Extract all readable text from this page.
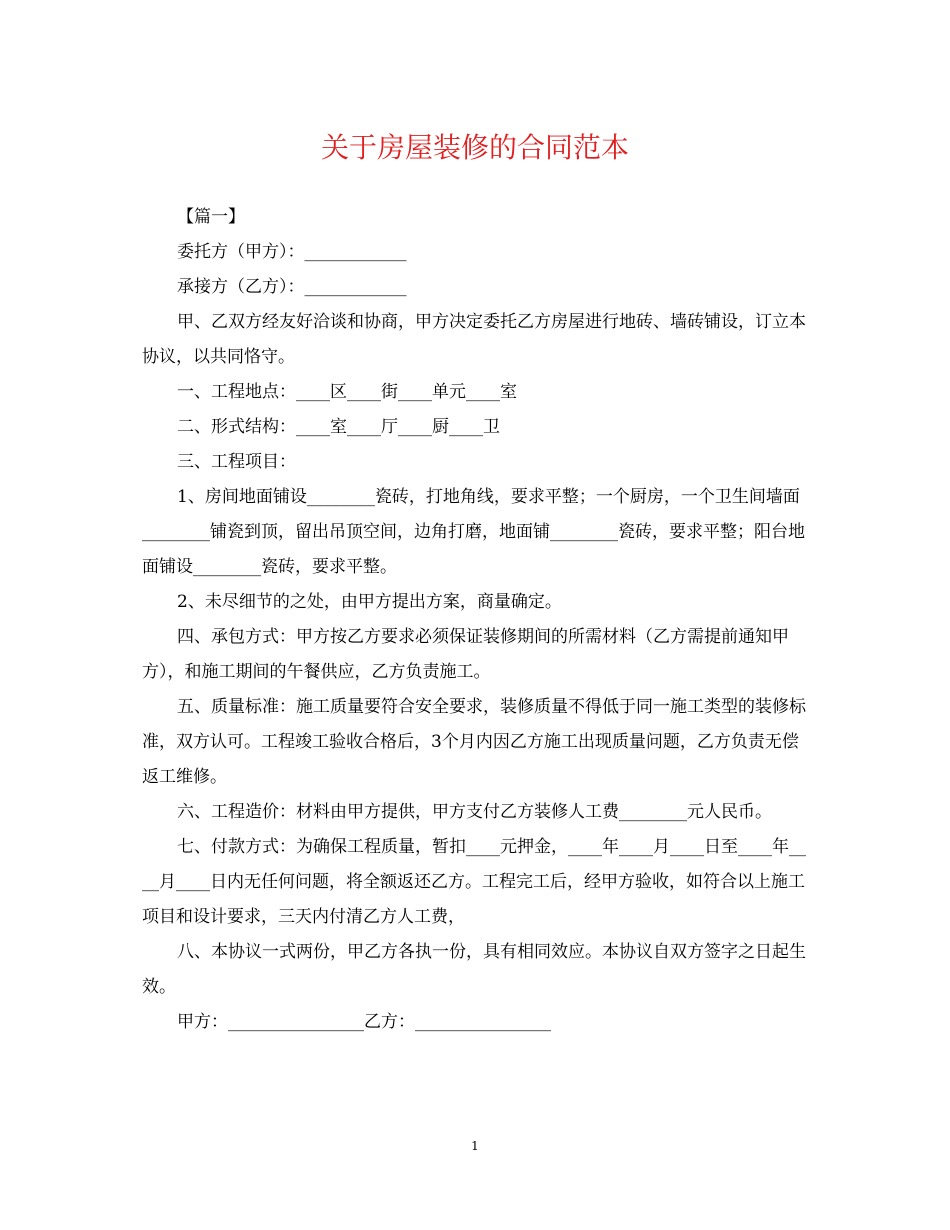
关于房屋装修的合同范本

【篇一】

委托方（甲方）：____________

承接方（乙方）：____________

甲、乙双方经友好洽谈和协商，甲方决定委托乙方房屋进行地砖、墙砖铺设，订立本协议，以共同恪守。

一、工程地点：____区____街____单元____室

二、形式结构：____室____厅____厨____卫

三、工程项目：

1、房间地面铺设________瓷砖，打地角线，要求平整；一个厨房，一个卫生间墙面________铺瓷到顶，留出吊顶空间，边角打磨，地面铺________瓷砖，要求平整；阳台地面铺设________瓷砖，要求平整。

2、未尽细节的之处，由甲方提出方案，商量确定。

四、承包方式：甲方按乙方要求必须保证装修期间的所需材料（乙方需提前通知甲方），和施工期间的午餐供应，乙方负责施工。

五、质量标准：施工质量要符合安全要求，装修质量不得低于同一施工类型的装修标准，双方认可。工程竣工验收合格后，3个月内因乙方施工出现质量问题，乙方负责无偿返工维修。

六、工程造价：材料由甲方提供，甲方支付乙方装修人工费________元人民币。

七、付款方式：为确保工程质量，暂扣____元押金，____年____月____日至____年____月____日内无任何问题，将全额返还乙方。工程完工后，经甲方验收，如符合以上施工项目和设计要求，三天内付清乙方人工费，

八、本协议一式两份，甲乙方各执一份，具有相同效应。本协议自双方签字之日起生效。

甲方：________________乙方：________________

1
